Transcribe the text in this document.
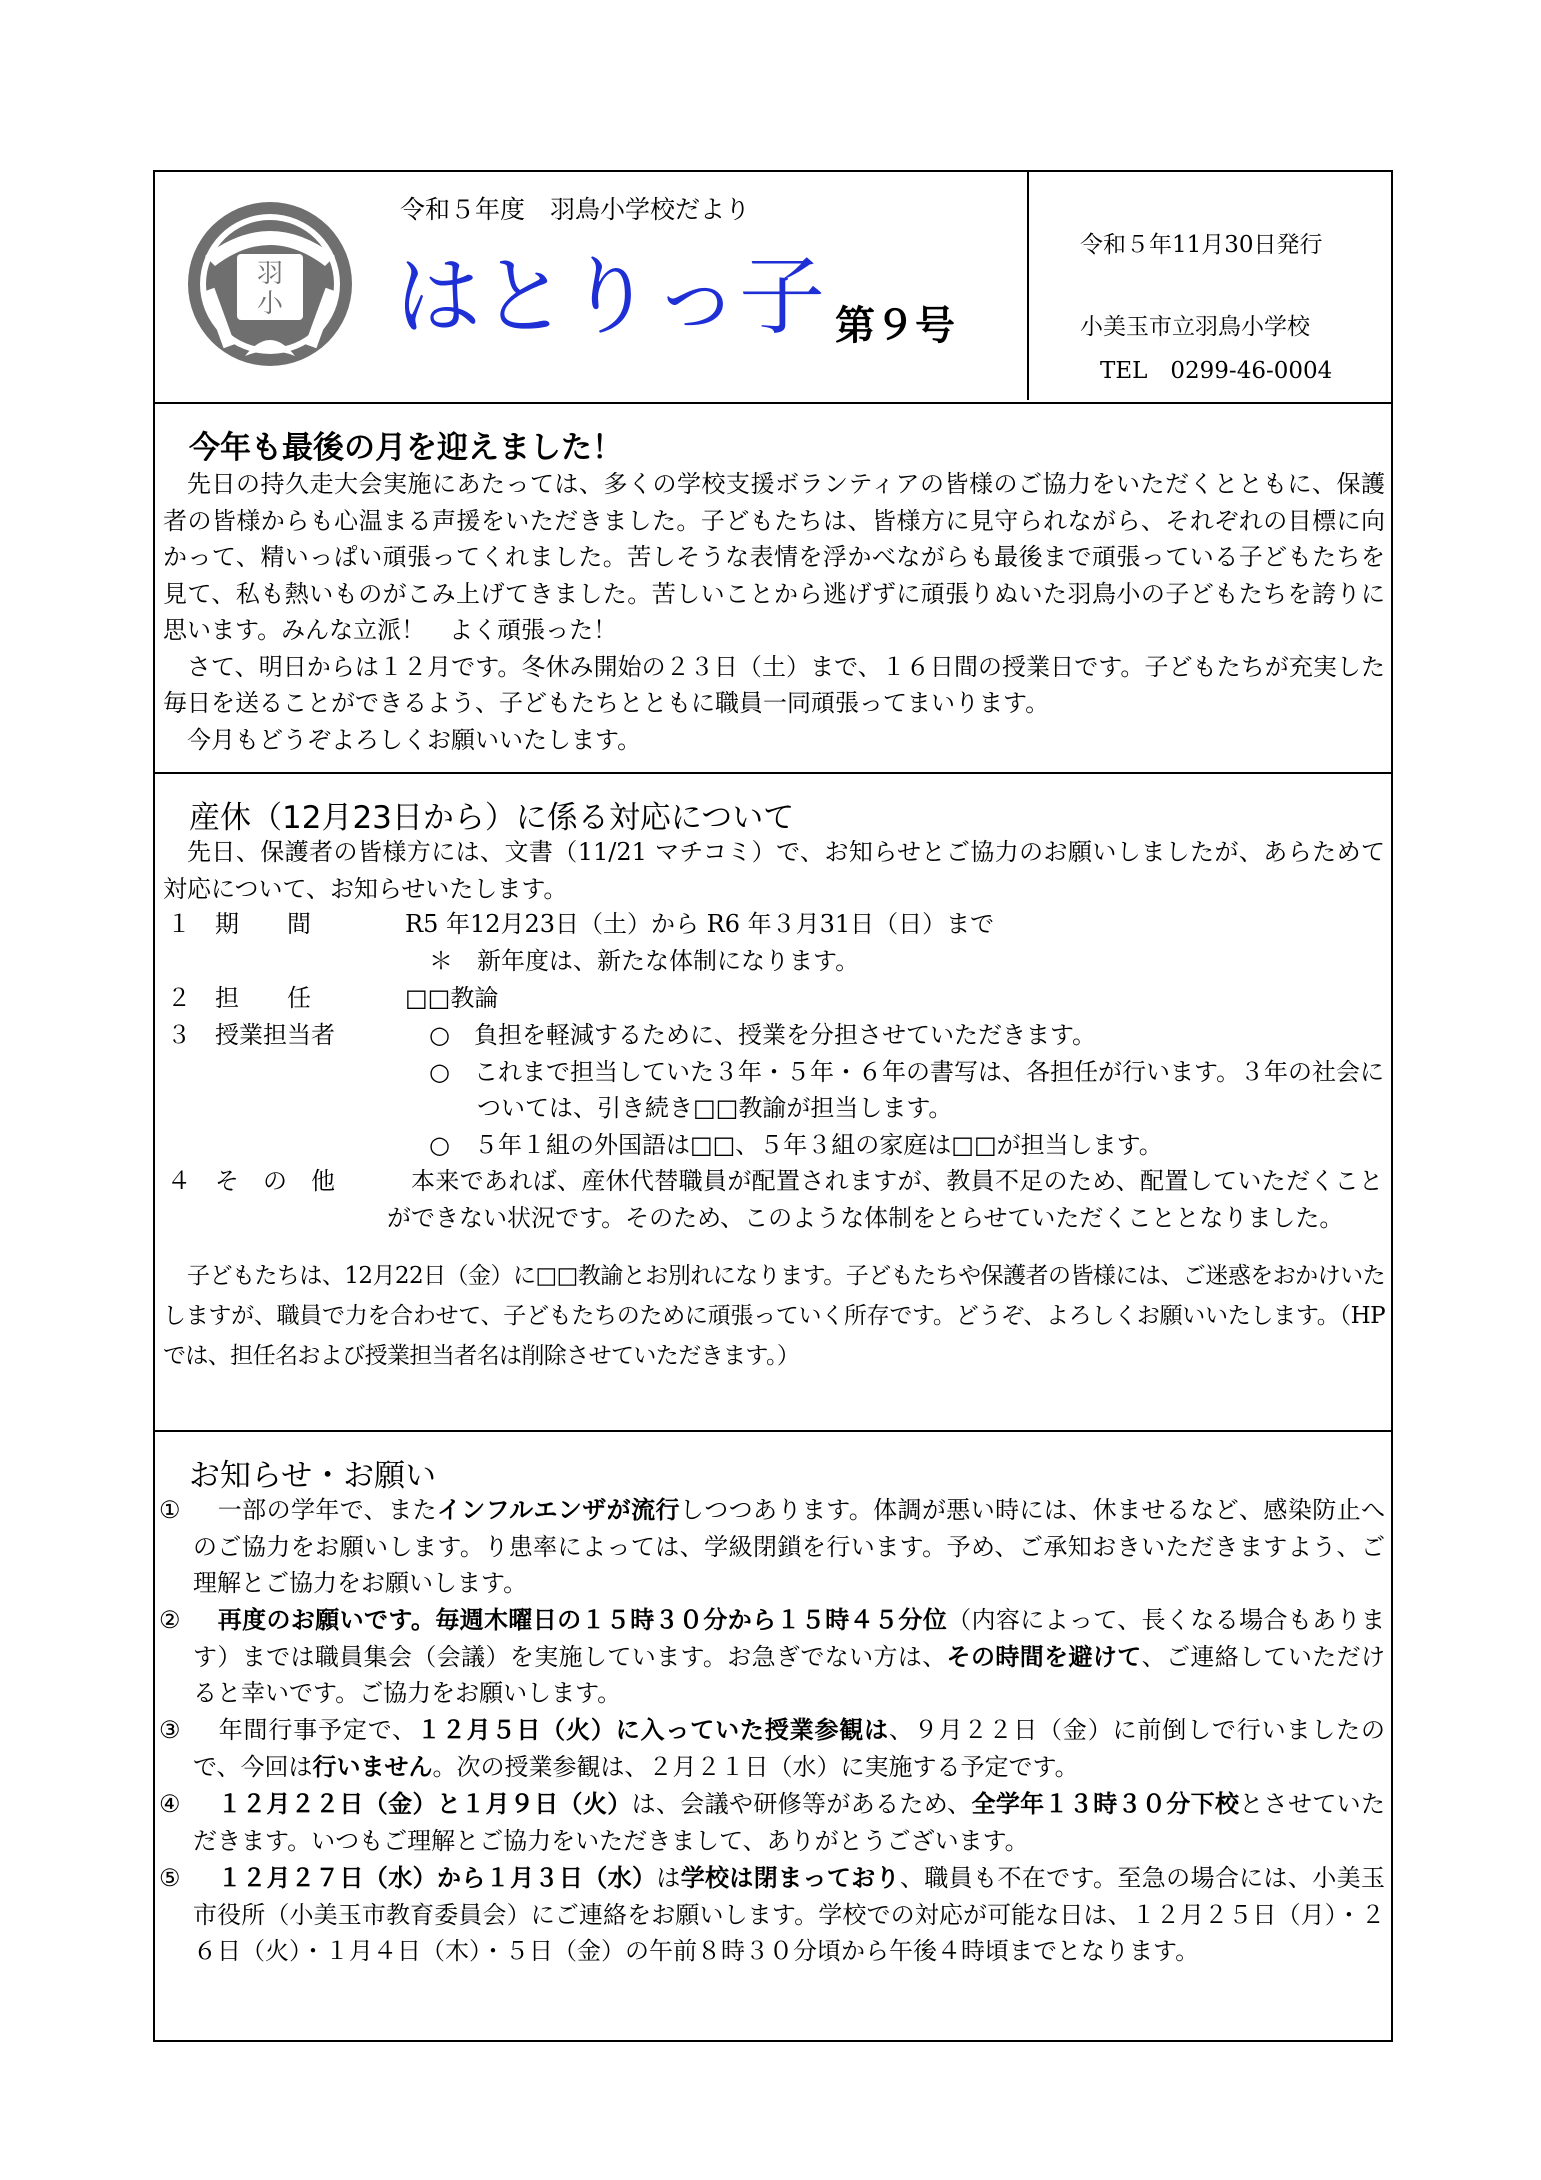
羽
小
令和５年度　羽鳥小学校だより
はとりっ子 第９号
令和５年11月30日発行
小美玉市立羽鳥小学校
TEL　0299-46-0004
今年も最後の月を迎えました！
先日の持久走大会実施にあたっては、多くの学校支援ボランティアの皆様のご協力をいただくとともに、保護者の皆様からも心温まる声援をいただきました。子どもたちは、皆様方に見守られながら、それぞれの目標に向かって、精いっぱい頑張ってくれました。苦しそうな表情を浮かべながらも最後まで頑張っている子どもたちを見て、私も熱いものがこみ上げてきました。苦しいことから逃げずに頑張りぬいた羽鳥小の子どもたちを誇りに思います。みんな立派！　よく頑張った！
さて、明日からは１２月です。冬休み開始の２３日（土）まで、１６日間の授業日です。子どもたちが充実した毎日を送ることができるよう、子どもたちとともに職員一同頑張ってまいります。
今月もどうぞよろしくお願いいたします。
産休（12月23日から）に係る対応について
先日、保護者の皆様方には、文書（11/21 マチコミ）で、お知らせとご協力のお願いしましたが、あらためて対応について、お知らせいたします。
１　期　　間	R5 年12月23日（土）から R6 年３月31日（日）まで
　＊　新年度は、新たな体制になります。
２　担　　任	□□教論
３　授業担当者	　○　負担を軽減するために、授業を分担させていただきます。
　○　これまで担当していた３年・５年・６年の書写は、各担任が行います。３年の社会については、引き続き□□教諭が担当します。
　○　５年１組の外国語は□□、５年３組の家庭は□□が担当します。
４　そ　の　他	本来であれば、産休代替職員が配置されますが、教員不足のため、配置していただくことができない状況です。そのため、このような体制をとらせていただくこととなりました。
子どもたちは、12月22日（金）に□□教諭とお別れになります。子どもたちや保護者の皆様には、ご迷惑をおかけいたしますが、職員で力を合わせて、子どもたちのために頑張っていく所存です。どうぞ、よろしくお願いいたします。（HPでは、担任名および授業担当者名は削除させていただきます。）
お知らせ・お願い
①　一部の学年で、またインフルエンザが流行しつつあります。体調が悪い時には、休ませるなど、感染防止へのご協力をお願いします。り患率によっては、学級閉鎖を行います。予め、ご承知おきいただきますよう、ご理解とご協力をお願いします。
②　 再度のお願いです。毎週木曜日の１５時３０分から１５時４５分位（内容によって、長くなる場合もあります）までは職員集会（会議）を実施しています。お急ぎでない方は、その時間を避けて、ご連絡していただけると幸いです。ご協力をお願いします。
③　年間行事予定で、１２月５日（火）に入っていた授業参観は、９月２２日（金）に前倒しで行いましたので、今回は行いません。次の授業参観は、２月２１日（水）に実施する予定です。
④　 １２月２２日（金）と１月９日（火）は、会議や研修等があるため、全学年１３時３０分下校とさせていただきます。いつもご理解とご協力をいただきまして、ありがとうございます。
⑤　 １２月２７日（水）から１月３日（水）は学校は閉まっており、職員も不在です。至急の場合には、小美玉市役所（小美玉市教育委員会）にご連絡をお願いします。学校での対応が可能な日は、１２月２５日（月）・２６日（火）・１月４日（木）・５日（金）の午前８時３０分頃から午後４時頃までとなります。
